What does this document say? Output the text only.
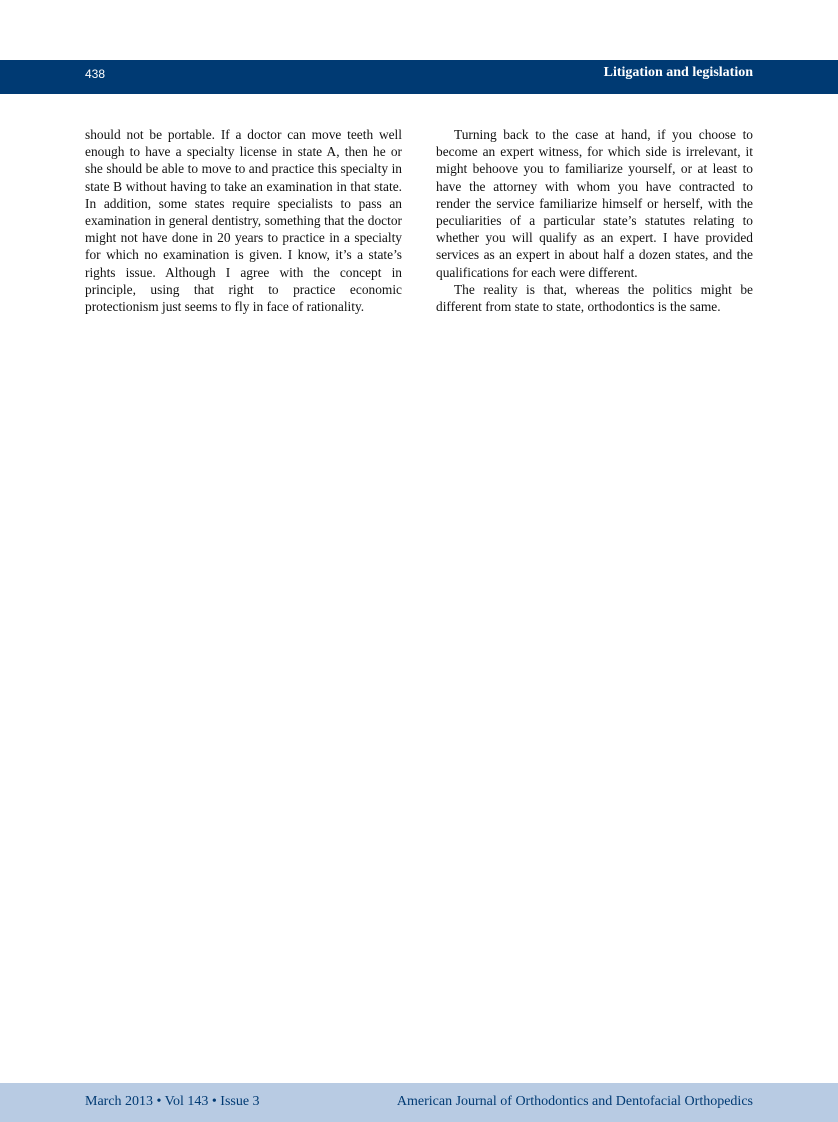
438	Litigation and legislation

should not be portable. If a doctor can move teeth well enough to have a specialty license in state A, then he or she should be able to move to and practice this specialty in state B without having to take an examination in that state. In addition, some states require specialists to pass an examination in general dentistry, something that the doctor might not have done in 20 years to practice in a specialty for which no examination is given. I know, it’s a state’s rights issue. Although I agree with the concept in principle, using that right to practice economic protectionism just seems to fly in face of rationality.

Turning back to the case at hand, if you choose to become an expert witness, for which side is irrelevant, it might behoove you to familiarize yourself, or at least to have the attorney with whom you have contracted to render the service familiarize himself or herself, with the peculiarities of a particular state’s statutes relating to whether you will qualify as an expert. I have provided services as an expert in about half a dozen states, and the qualifications for each were different.

The reality is that, whereas the politics might be different from state to state, orthodontics is the same.

March 2013 • Vol 143 • Issue 3	American Journal of Orthodontics and Dentofacial Orthopedics
